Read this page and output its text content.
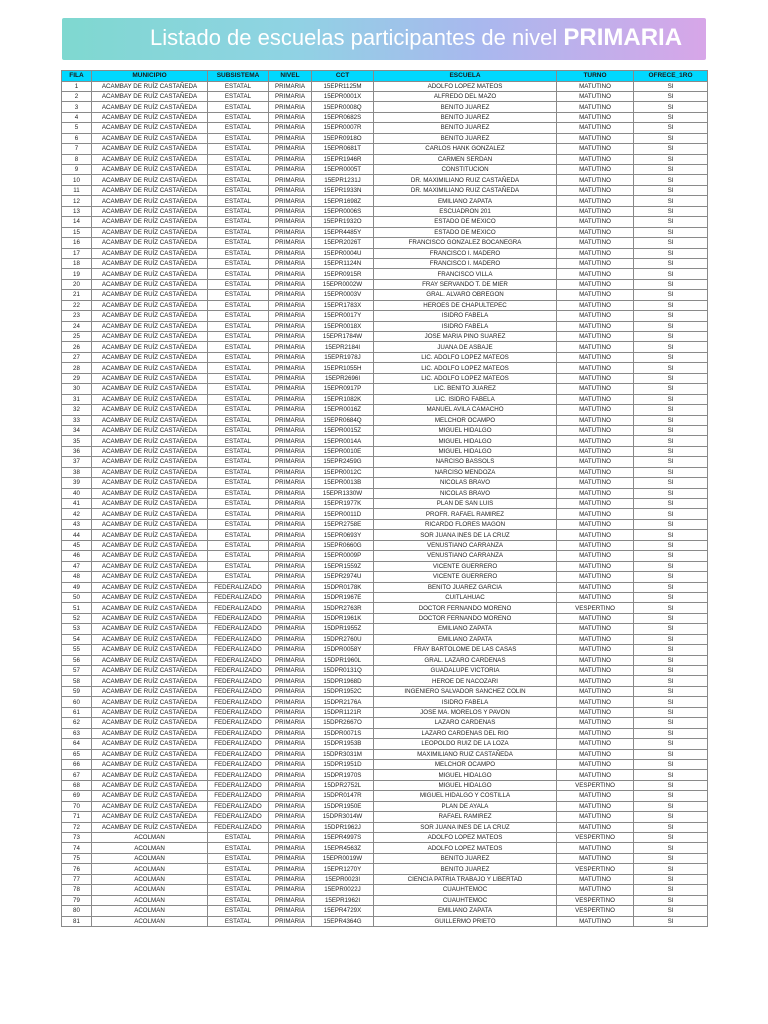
Listado de escuelas participantes de nivel PRIMARIA
FILA	MUNICIPIO	SUBSISTEMA	NIVEL	CCT	ESCUELA	TURNO	OFRECE_1RO
1	ACAMBAY DE RUÍZ CASTAÑEDA	ESTATAL	PRIMARIA	15EPR1125M	ADOLFO LOPEZ MATEOS	MATUTINO	SI
2	ACAMBAY DE RUÍZ CASTAÑEDA	ESTATAL	PRIMARIA	15EPR0001X	ALFREDO DEL MAZO	MATUTINO	SI
3	ACAMBAY DE RUÍZ CASTAÑEDA	ESTATAL	PRIMARIA	15EPR0008Q	BENITO JUAREZ	MATUTINO	SI
4	ACAMBAY DE RUÍZ CASTAÑEDA	ESTATAL	PRIMARIA	15EPR0682S	BENITO JUAREZ	MATUTINO	SI
5	ACAMBAY DE RUÍZ CASTAÑEDA	ESTATAL	PRIMARIA	15EPR0007R	BENITO JUAREZ	MATUTINO	SI
6	ACAMBAY DE RUÍZ CASTAÑEDA	ESTATAL	PRIMARIA	15EPR0918O	BENITO JUAREZ	MATUTINO	SI
7	ACAMBAY DE RUÍZ CASTAÑEDA	ESTATAL	PRIMARIA	15EPR0681T	CARLOS HANK GONZALEZ	MATUTINO	SI
8	ACAMBAY DE RUÍZ CASTAÑEDA	ESTATAL	PRIMARIA	15EPR1946R	CARMEN SERDAN	MATUTINO	SI
9	ACAMBAY DE RUÍZ CASTAÑEDA	ESTATAL	PRIMARIA	15EPR0005T	CONSTITUCION	MATUTINO	SI
10	ACAMBAY DE RUÍZ CASTAÑEDA	ESTATAL	PRIMARIA	15EPR1231J	DR. MAXIMILIANO RUIZ CASTAÑEDA	MATUTINO	SI
11	ACAMBAY DE RUÍZ CASTAÑEDA	ESTATAL	PRIMARIA	15EPR1933N	DR. MAXIMILIANO RUIZ CASTAÑEDA	MATUTINO	SI
12	ACAMBAY DE RUÍZ CASTAÑEDA	ESTATAL	PRIMARIA	15EPR1698Z	EMILIANO ZAPATA	MATUTINO	SI
13	ACAMBAY DE RUÍZ CASTAÑEDA	ESTATAL	PRIMARIA	15EPR0006S	ESCUADRON 201	MATUTINO	SI
14	ACAMBAY DE RUÍZ CASTAÑEDA	ESTATAL	PRIMARIA	15EPR1932O	ESTADO DE MEXICO	MATUTINO	SI
15	ACAMBAY DE RUÍZ CASTAÑEDA	ESTATAL	PRIMARIA	15EPR4485Y	ESTADO DE MEXICO	MATUTINO	SI
16	ACAMBAY DE RUÍZ CASTAÑEDA	ESTATAL	PRIMARIA	15EPR2026T	FRANCISCO GONZALEZ BOCANEGRA	MATUTINO	SI
17	ACAMBAY DE RUÍZ CASTAÑEDA	ESTATAL	PRIMARIA	15EPR0004U	FRANCISCO I. MADERO	MATUTINO	SI
18	ACAMBAY DE RUÍZ CASTAÑEDA	ESTATAL	PRIMARIA	15EPR1124N	FRANCISCO I. MADERO	MATUTINO	SI
19	ACAMBAY DE RUÍZ CASTAÑEDA	ESTATAL	PRIMARIA	15EPR0915R	FRANCISCO VILLA	MATUTINO	SI
20	ACAMBAY DE RUÍZ CASTAÑEDA	ESTATAL	PRIMARIA	15EPR0002W	FRAY SERVANDO T. DE MIER	MATUTINO	SI
21	ACAMBAY DE RUÍZ CASTAÑEDA	ESTATAL	PRIMARIA	15EPR0003V	GRAL. ALVARO OBREGON	MATUTINO	SI
22	ACAMBAY DE RUÍZ CASTAÑEDA	ESTATAL	PRIMARIA	15EPR1783X	HEROES DE CHAPULTEPEC	MATUTINO	SI
23	ACAMBAY DE RUÍZ CASTAÑEDA	ESTATAL	PRIMARIA	15EPR0017Y	ISIDRO FABELA	MATUTINO	SI
24	ACAMBAY DE RUÍZ CASTAÑEDA	ESTATAL	PRIMARIA	15EPR0018X	ISIDRO FABELA	MATUTINO	SI
25	ACAMBAY DE RUÍZ CASTAÑEDA	ESTATAL	PRIMARIA	15EPR1784W	JOSE MARIA PINO SUAREZ	MATUTINO	SI
26	ACAMBAY DE RUÍZ CASTAÑEDA	ESTATAL	PRIMARIA	15EPR2184I	JUANA DE ASBAJE	MATUTINO	SI
27	ACAMBAY DE RUÍZ CASTAÑEDA	ESTATAL	PRIMARIA	15EPR1978J	LIC. ADOLFO LOPEZ MATEOS	MATUTINO	SI
28	ACAMBAY DE RUÍZ CASTAÑEDA	ESTATAL	PRIMARIA	15EPR1055H	LIC. ADOLFO LOPEZ MATEOS	MATUTINO	SI
29	ACAMBAY DE RUÍZ CASTAÑEDA	ESTATAL	PRIMARIA	15EPR2696I	LIC. ADOLFO LOPEZ MATEOS	MATUTINO	SI
30	ACAMBAY DE RUÍZ CASTAÑEDA	ESTATAL	PRIMARIA	15EPR0917P	LIC. BENITO JUAREZ	MATUTINO	SI
31	ACAMBAY DE RUÍZ CASTAÑEDA	ESTATAL	PRIMARIA	15EPR1082K	LIC. ISIDRO FABELA	MATUTINO	SI
32	ACAMBAY DE RUÍZ CASTAÑEDA	ESTATAL	PRIMARIA	15EPR0016Z	MANUEL AVILA CAMACHO	MATUTINO	SI
33	ACAMBAY DE RUÍZ CASTAÑEDA	ESTATAL	PRIMARIA	15EPR0684Q	MELCHOR OCAMPO	MATUTINO	SI
34	ACAMBAY DE RUÍZ CASTAÑEDA	ESTATAL	PRIMARIA	15EPR0015Z	MIGUEL HIDALGO	MATUTINO	SI
35	ACAMBAY DE RUÍZ CASTAÑEDA	ESTATAL	PRIMARIA	15EPR0014A	MIGUEL HIDALGO	MATUTINO	SI
36	ACAMBAY DE RUÍZ CASTAÑEDA	ESTATAL	PRIMARIA	15EPR0010E	MIGUEL HIDALGO	MATUTINO	SI
37	ACAMBAY DE RUÍZ CASTAÑEDA	ESTATAL	PRIMARIA	15EPR2459G	NARCISO BASSOLS	MATUTINO	SI
38	ACAMBAY DE RUÍZ CASTAÑEDA	ESTATAL	PRIMARIA	15EPR0012C	NARCISO MENDOZA	MATUTINO	SI
39	ACAMBAY DE RUÍZ CASTAÑEDA	ESTATAL	PRIMARIA	15EPR0013B	NICOLAS BRAVO	MATUTINO	SI
40	ACAMBAY DE RUÍZ CASTAÑEDA	ESTATAL	PRIMARIA	15EPR1330W	NICOLAS BRAVO	MATUTINO	SI
41	ACAMBAY DE RUÍZ CASTAÑEDA	ESTATAL	PRIMARIA	15EPR1977K	PLAN DE SAN LUIS	MATUTINO	SI
42	ACAMBAY DE RUÍZ CASTAÑEDA	ESTATAL	PRIMARIA	15EPR0011D	PROFR. RAFAEL RAMIREZ	MATUTINO	SI
43	ACAMBAY DE RUÍZ CASTAÑEDA	ESTATAL	PRIMARIA	15EPR2758E	RICARDO FLORES MAGON	MATUTINO	SI
44	ACAMBAY DE RUÍZ CASTAÑEDA	ESTATAL	PRIMARIA	15EPR0693Y	SOR JUANA INES DE LA CRUZ	MATUTINO	SI
45	ACAMBAY DE RUÍZ CASTAÑEDA	ESTATAL	PRIMARIA	15EPR0660G	VENUSTIANO CARRANZA	MATUTINO	SI
46	ACAMBAY DE RUÍZ CASTAÑEDA	ESTATAL	PRIMARIA	15EPR0009P	VENUSTIANO CARRANZA	MATUTINO	SI
47	ACAMBAY DE RUÍZ CASTAÑEDA	ESTATAL	PRIMARIA	15EPR1559Z	VICENTE GUERRERO	MATUTINO	SI
48	ACAMBAY DE RUÍZ CASTAÑEDA	ESTATAL	PRIMARIA	15EPR2974U	VICENTE GUERRERO	MATUTINO	SI
49	ACAMBAY DE RUÍZ CASTAÑEDA	FEDERALIZADO	PRIMARIA	15DPR0178K	BENITO JUAREZ GARCIA	MATUTINO	SI
50	ACAMBAY DE RUÍZ CASTAÑEDA	FEDERALIZADO	PRIMARIA	15DPR1967E	CUITLAHUAC	MATUTINO	SI
51	ACAMBAY DE RUÍZ CASTAÑEDA	FEDERALIZADO	PRIMARIA	15DPR2763R	DOCTOR FERNANDO MORENO	VESPERTINO	SI
52	ACAMBAY DE RUÍZ CASTAÑEDA	FEDERALIZADO	PRIMARIA	15DPR1961K	DOCTOR FERNANDO MORENO	MATUTINO	SI
53	ACAMBAY DE RUÍZ CASTAÑEDA	FEDERALIZADO	PRIMARIA	15DPR1955Z	EMILIANO ZAPATA	MATUTINO	SI
54	ACAMBAY DE RUÍZ CASTAÑEDA	FEDERALIZADO	PRIMARIA	15DPR2760U	EMILIANO ZAPATA	MATUTINO	SI
55	ACAMBAY DE RUÍZ CASTAÑEDA	FEDERALIZADO	PRIMARIA	15DPR0058Y	FRAY BARTOLOME DE LAS CASAS	MATUTINO	SI
56	ACAMBAY DE RUÍZ CASTAÑEDA	FEDERALIZADO	PRIMARIA	15DPR1960L	GRAL. LAZARO CARDENAS	MATUTINO	SI
57	ACAMBAY DE RUÍZ CASTAÑEDA	FEDERALIZADO	PRIMARIA	15DPR0131Q	GUADALUPE VICTORIA	MATUTINO	SI
58	ACAMBAY DE RUÍZ CASTAÑEDA	FEDERALIZADO	PRIMARIA	15DPR1968D	HEROE DE NACOZARI	MATUTINO	SI
59	ACAMBAY DE RUÍZ CASTAÑEDA	FEDERALIZADO	PRIMARIA	15DPR1952C	INGENIERO SALVADOR SANCHEZ COLIN	MATUTINO	SI
60	ACAMBAY DE RUÍZ CASTAÑEDA	FEDERALIZADO	PRIMARIA	15DPR2176A	ISIDRO FABELA	MATUTINO	SI
61	ACAMBAY DE RUÍZ CASTAÑEDA	FEDERALIZADO	PRIMARIA	15DPR1121R	JOSE MA. MORELOS Y PAVON	MATUTINO	SI
62	ACAMBAY DE RUÍZ CASTAÑEDA	FEDERALIZADO	PRIMARIA	15DPR2667O	LAZARO CARDENAS	MATUTINO	SI
63	ACAMBAY DE RUÍZ CASTAÑEDA	FEDERALIZADO	PRIMARIA	15DPR0071S	LAZARO CARDENAS DEL RIO	MATUTINO	SI
64	ACAMBAY DE RUÍZ CASTAÑEDA	FEDERALIZADO	PRIMARIA	15DPR1953B	LEOPOLDO RUIZ DE LA LOZA	MATUTINO	SI
65	ACAMBAY DE RUÍZ CASTAÑEDA	FEDERALIZADO	PRIMARIA	15DPR3031M	MAXIMILIANO RUIZ CASTAÑEDA	MATUTINO	SI
66	ACAMBAY DE RUÍZ CASTAÑEDA	FEDERALIZADO	PRIMARIA	15DPR1951D	MELCHOR OCAMPO	MATUTINO	SI
67	ACAMBAY DE RUÍZ CASTAÑEDA	FEDERALIZADO	PRIMARIA	15DPR1970S	MIGUEL HIDALGO	MATUTINO	SI
68	ACAMBAY DE RUÍZ CASTAÑEDA	FEDERALIZADO	PRIMARIA	15DPR2752L	MIGUEL HIDALGO	VESPERTINO	SI
69	ACAMBAY DE RUÍZ CASTAÑEDA	FEDERALIZADO	PRIMARIA	15DPR0147R	MIGUEL HIDALGO Y COSTILLA	MATUTINO	SI
70	ACAMBAY DE RUÍZ CASTAÑEDA	FEDERALIZADO	PRIMARIA	15DPR1950E	PLAN DE AYALA	MATUTINO	SI
71	ACAMBAY DE RUÍZ CASTAÑEDA	FEDERALIZADO	PRIMARIA	15DPR3014W	RAFAEL RAMIREZ	MATUTINO	SI
72	ACAMBAY DE RUÍZ CASTAÑEDA	FEDERALIZADO	PRIMARIA	15DPR1962J	SOR JUANA INES DE LA CRUZ	MATUTINO	SI
73	ACOLMAN	ESTATAL	PRIMARIA	15EPR4997S	ADOLFO LOPEZ MATEOS	VESPERTINO	SI
74	ACOLMAN	ESTATAL	PRIMARIA	15EPR4563Z	ADOLFO LOPEZ MATEOS	MATUTINO	SI
75	ACOLMAN	ESTATAL	PRIMARIA	15EPR0019W	BENITO JUAREZ	MATUTINO	SI
76	ACOLMAN	ESTATAL	PRIMARIA	15EPR1270Y	BENITO JUAREZ	VESPERTINO	SI
77	ACOLMAN	ESTATAL	PRIMARIA	15EPR0023I	CIENCIA PATRIA TRABAJO Y LIBERTAD	MATUTINO	SI
78	ACOLMAN	ESTATAL	PRIMARIA	15EPR0022J	CUAUHTEMOC	MATUTINO	SI
79	ACOLMAN	ESTATAL	PRIMARIA	15EPR1962I	CUAUHTEMOC	VESPERTINO	SI
80	ACOLMAN	ESTATAL	PRIMARIA	15EPR4729X	EMILIANO ZAPATA	VESPERTINO	SI
81	ACOLMAN	ESTATAL	PRIMARIA	15EPR4364G	GUILLERMO PRIETO	MATUTINO	SI
